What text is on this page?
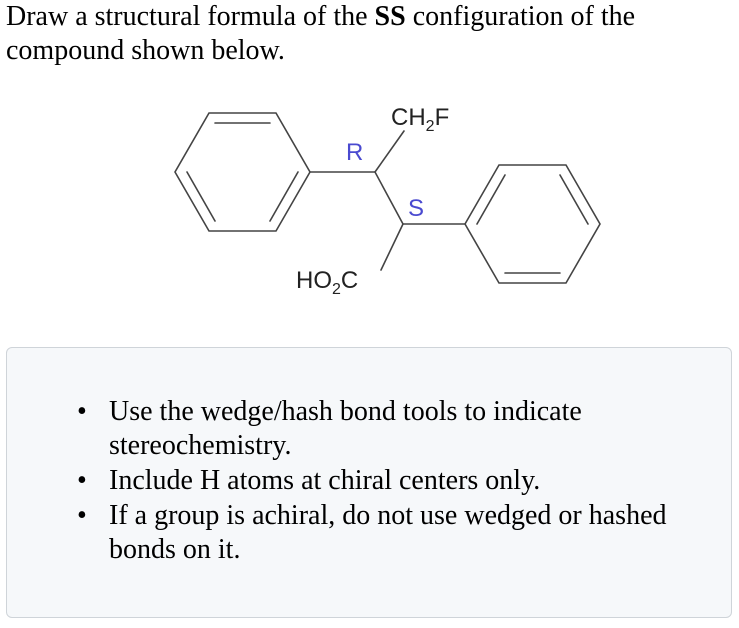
Draw a structural formula of the SS configuration of the compound shown below.

$CH_2F$
$HO_2C$
R
S
• Use the wedge/hash bond tools to indicate stereochemistry.
• Include H atoms at chiral centers only.
• If a group is achiral, do not use wedged or hashed bonds on it.
